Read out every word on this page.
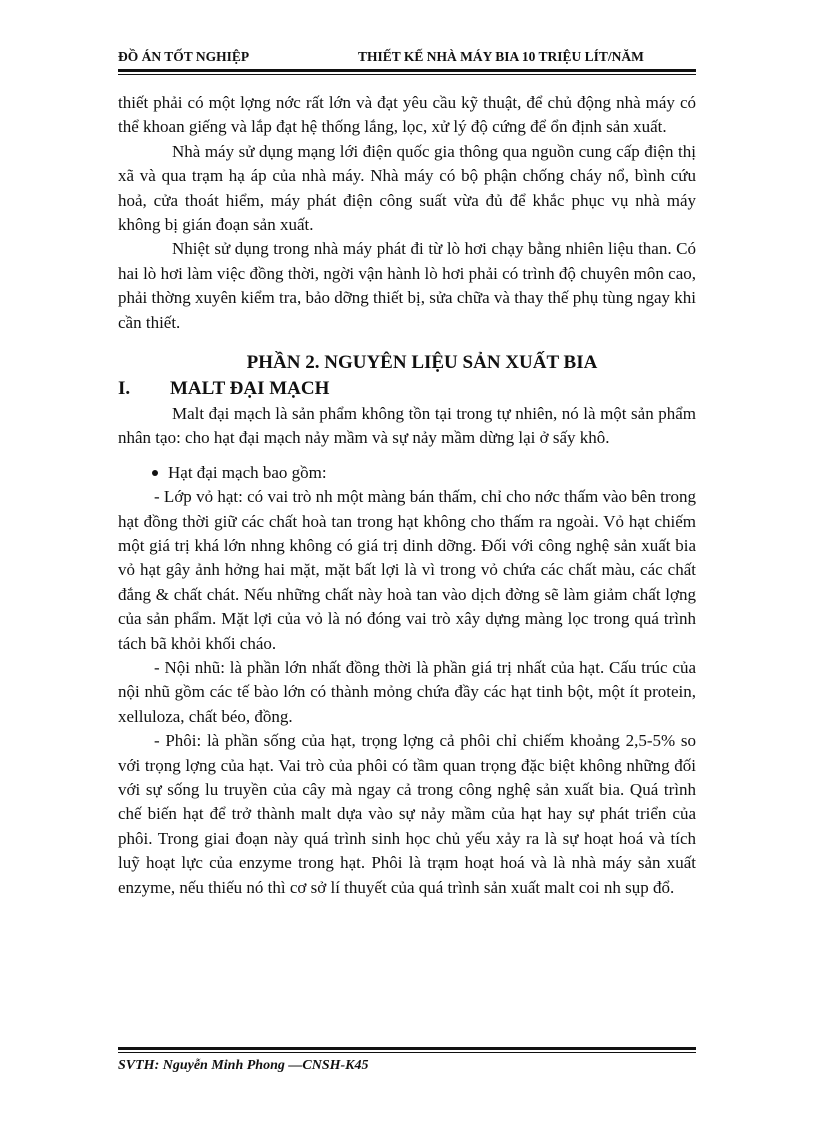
ĐỒ ÁN TỐT NGHIỆP	THIẾT KẾ NHÀ MÁY BIA 10 TRIỆU LÍT/NĂM

thiết phải có một lợng nớc rất lớn và đạt yêu cầu kỹ thuật, để chủ động nhà máy có thể khoan giếng và lắp đạt hệ thống lắng, lọc, xử lý độ cứng để ổn định sản xuất.

Nhà máy sử dụng mạng lới điện quốc gia thông qua nguồn cung cấp điện thị xã và qua trạm hạ áp của nhà máy. Nhà máy có bộ phận chống cháy nổ, bình cứu hoả, cửa thoát hiểm, máy phát điện công suất vừa đủ để khắc phục vụ nhà máy không bị gián đoạn sản xuất.

Nhiệt sử dụng trong nhà máy phát đi từ lò hơi chạy bằng nhiên liệu than. Có hai lò hơi làm việc đồng thời, ngời vận hành lò hơi phải có trình độ chuyên môn cao, phải thờng xuyên kiểm tra, bảo dỡng thiết bị, sửa chữa và thay thế phụ tùng ngay khi cần thiết.

PHẦN 2. NGUYÊN LIỆU SẢN XUẤT BIA
I. MALT ĐẠI MẠCH

Malt đại mạch là sản phẩm không tồn tại trong tự nhiên, nó là một sản phẩm nhân tạo: cho hạt đại mạch nảy mầm và sự nảy mầm dừng lại ở sấy khô.

Hạt đại mạch bao gồm:

- Lớp vỏ hạt: có vai trò nh một màng bán thấm, chỉ cho nớc thấm vào bên trong hạt đồng thời giữ các chất hoà tan trong hạt không cho thấm ra ngoài. Vỏ hạt chiếm một giá trị khá lớn nhng không có giá trị dinh dỡng. Đối với công nghệ sản xuất bia vỏ hạt gây ảnh hởng hai mặt, mặt bất lợi là vì trong vỏ chứa các chất màu, các chất đắng & chất chát. Nếu những chất này hoà tan vào dịch đờng sẽ làm giảm chất lợng của sản phẩm. Mặt lợi của vỏ là nó đóng vai trò xây dựng màng lọc trong quá trình tách bã khỏi khối cháo.

- Nội nhũ: là phần lớn nhất đồng thời là phần giá trị nhất của hạt. Cấu trúc của nội nhũ gồm các tế bào lớn có thành mỏng chứa đầy các hạt tinh bột, một ít protein, xelluloza, chất béo, đồng.

- Phôi: là phần sống của hạt, trọng lợng cả phôi chỉ chiếm khoảng 2,5-5% so với trọng lợng của hạt. Vai trò của phôi có tầm quan trọng đặc biệt không những đối với sự sống lu truyền của cây mà ngay cả trong công nghệ sản xuất bia. Quá trình chế biến hạt để trở thành malt dựa vào sự nảy mầm của hạt hay sự phát triển của phôi. Trong giai đoạn này quá trình sinh học chủ yếu xảy ra là sự hoạt hoá và tích luỹ hoạt lực của enzyme trong hạt. Phôi là trạm hoạt hoá và là nhà máy sản xuất enzyme, nếu thiếu nó thì cơ sở lí thuyết của quá trình sản xuất malt coi nh sụp đổ.

SVTH: Nguyễn Minh Phong —CNSH-K45
